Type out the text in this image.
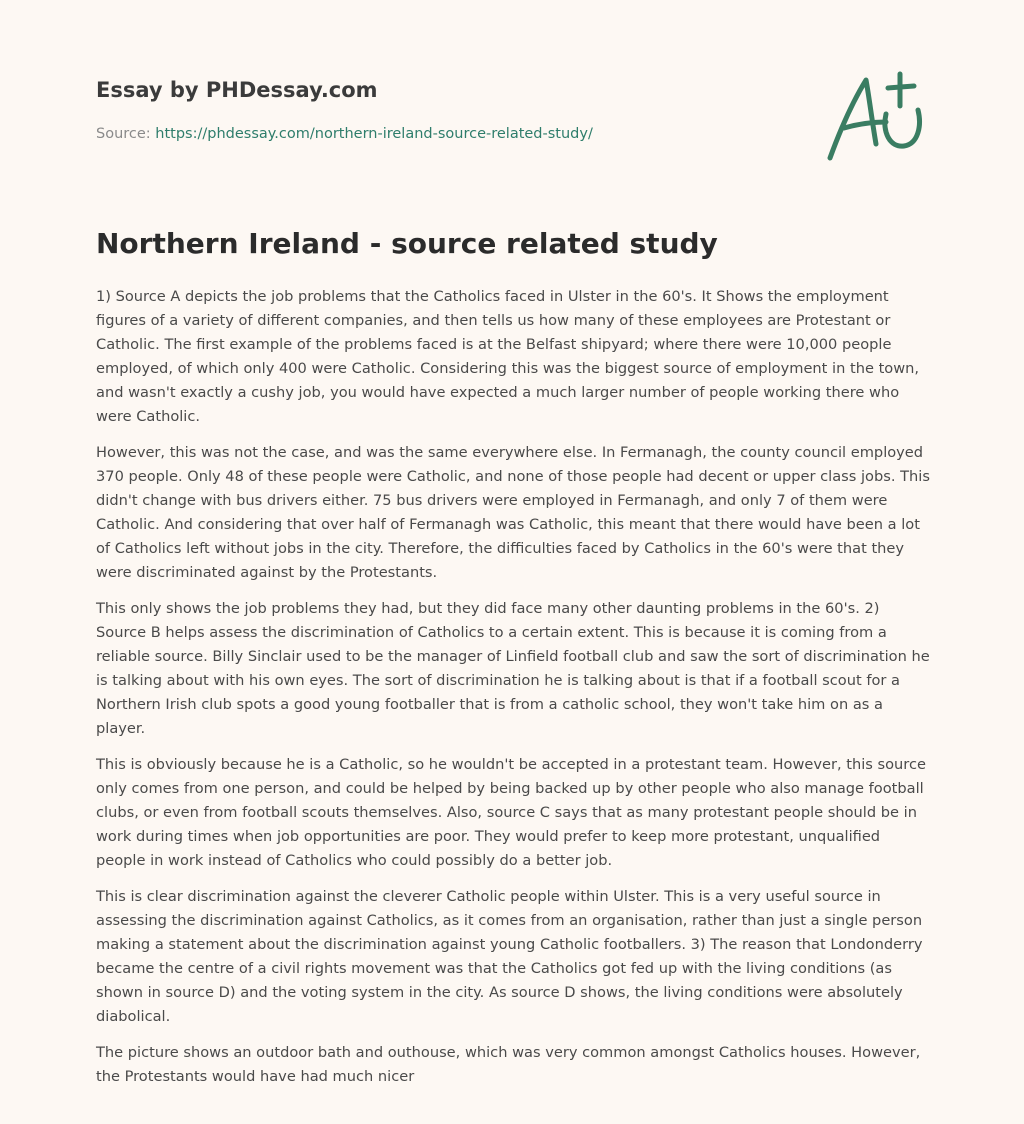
Essay by PHDessay.com
Source: https://phdessay.com/northern-ireland-source-related-study/
Northern Ireland - source related study

1) Source A depicts the job problems that the Catholics faced in Ulster in the 60's. It Shows the employment figures of a variety of different companies, and then tells us how many of these employees are Protestant or Catholic. The first example of the problems faced is at the Belfast shipyard; where there were 10,000 people employed, of which only 400 were Catholic. Considering this was the biggest source of employment in the town, and wasn't exactly a cushy job, you would have expected a much larger number of people working there who were Catholic.

However, this was not the case, and was the same everywhere else. In Fermanagh, the county council employed 370 people. Only 48 of these people were Catholic, and none of those people had decent or upper class jobs. This didn't change with bus drivers either. 75 bus drivers were employed in Fermanagh, and only 7 of them were Catholic. And considering that over half of Fermanagh was Catholic, this meant that there would have been a lot of Catholics left without jobs in the city. Therefore, the difficulties faced by Catholics in the 60's were that they were discriminated against by the Protestants.

This only shows the job problems they had, but they did face many other daunting problems in the 60's. 2) Source B helps assess the discrimination of Catholics to a certain extent. This is because it is coming from a reliable source. Billy Sinclair used to be the manager of Linfield football club and saw the sort of discrimination he is talking about with his own eyes. The sort of discrimination he is talking about is that if a football scout for a Northern Irish club spots a good young footballer that is from a catholic school, they won't take him on as a player.

This is obviously because he is a Catholic, so he wouldn't be accepted in a protestant team. However, this source only comes from one person, and could be helped by being backed up by other people who also manage football clubs, or even from football scouts themselves. Also, source C says that as many protestant people should be in work during times when job opportunities are poor. They would prefer to keep more protestant, unqualified people in work instead of Catholics who could possibly do a better job.

This is clear discrimination against the cleverer Catholic people within Ulster. This is a very useful source in assessing the discrimination against Catholics, as it comes from an organisation, rather than just a single person making a statement about the discrimination against young Catholic footballers. 3) The reason that Londonderry became the centre of a civil rights movement was that the Catholics got fed up with the living conditions (as shown in source D) and the voting system in the city. As source D shows, the living conditions were absolutely diabolical.

The picture shows an outdoor bath and outhouse, which was very common amongst Catholics houses. However, the Protestants would have had much nicer
